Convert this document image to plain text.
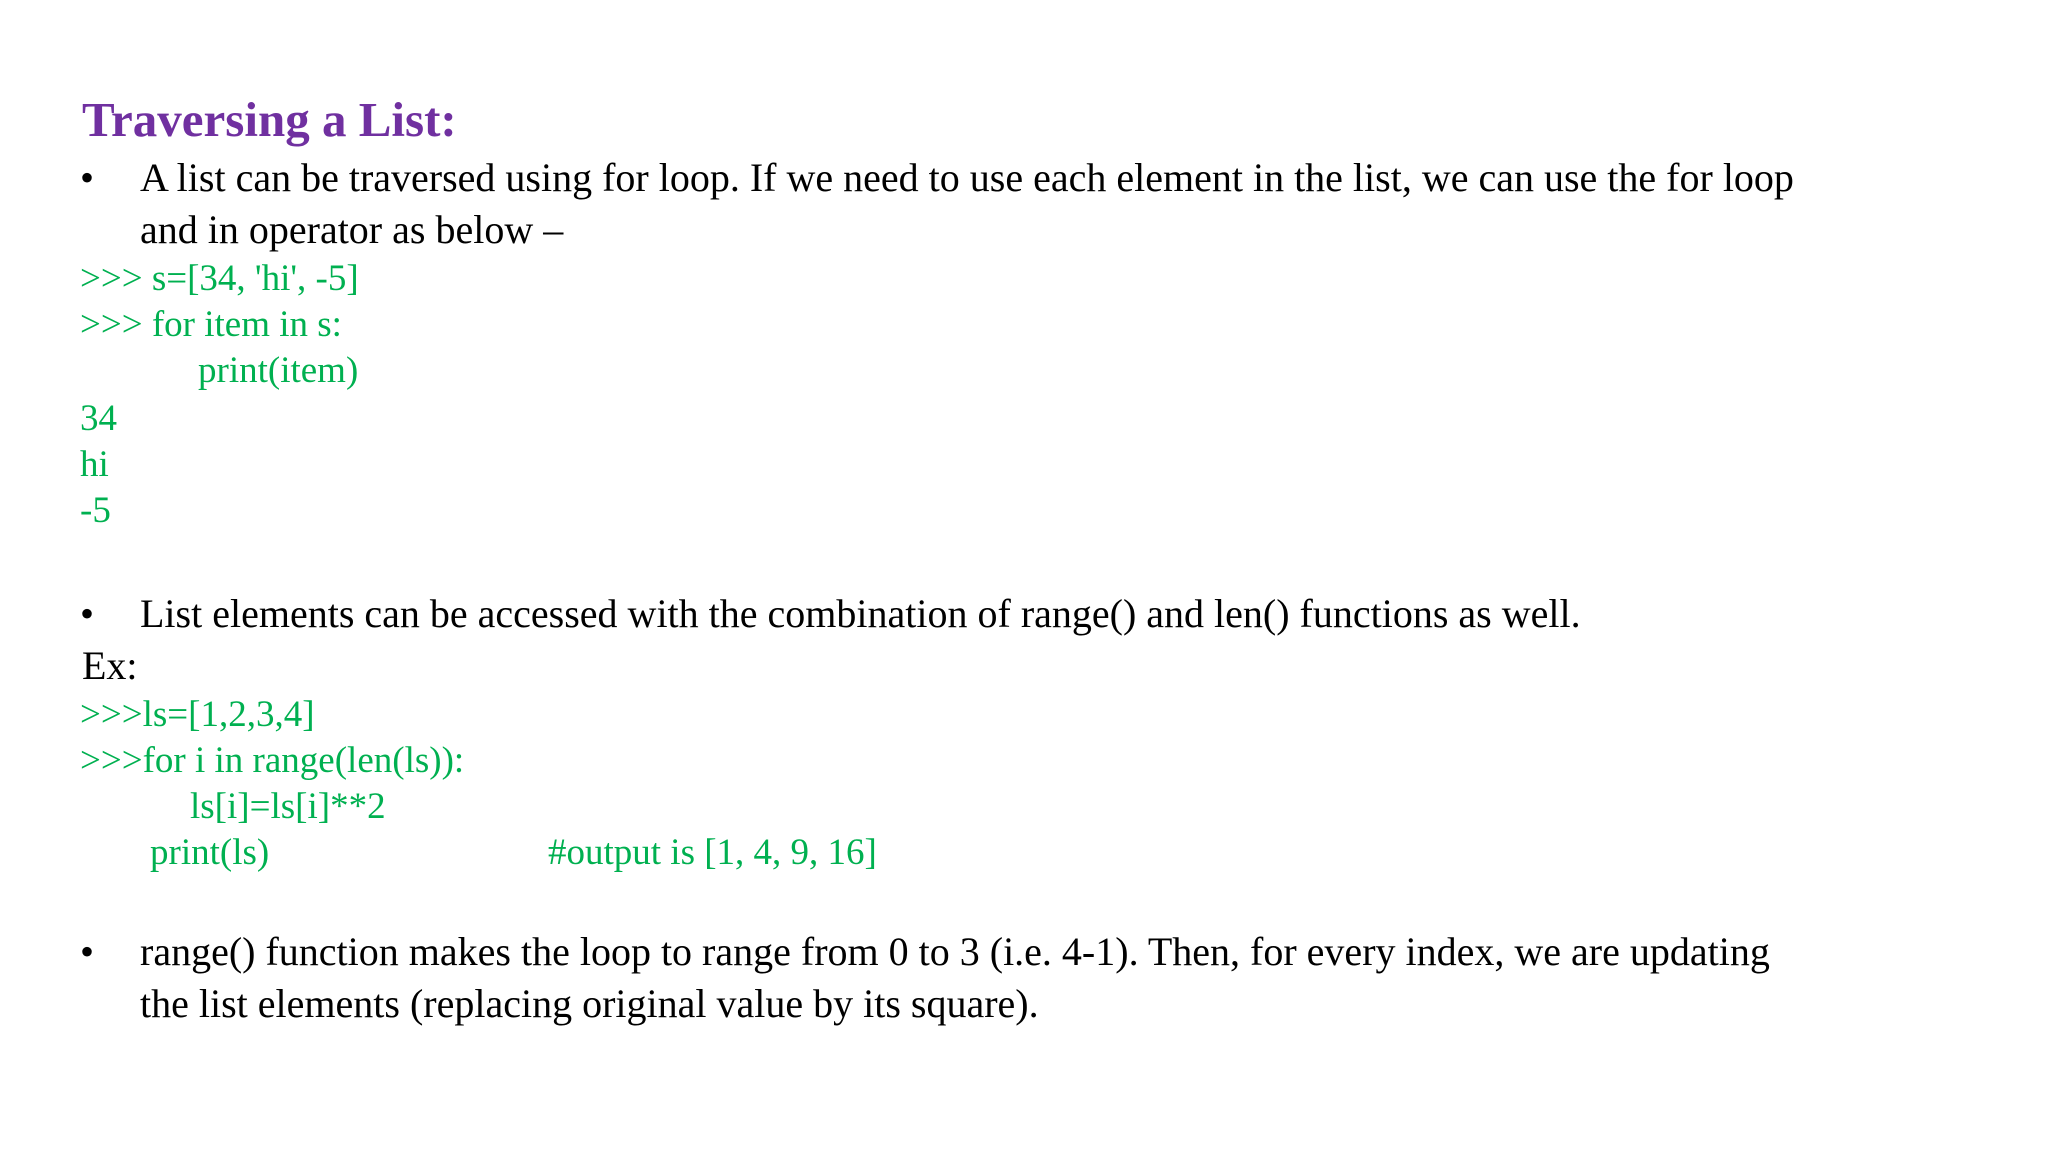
Traversing a List:
•	A list can be traversed using for loop. If we need to use each element in the list, we can use the for loop
and in operator as below –
>>> s=[34, 'hi', -5]
>>> for item in s:
print(item)
34
hi
-5
•	List elements can be accessed with the combination of range() and len() functions as well.
Ex:
>>>ls=[1,2,3,4]
>>>for i in range(len(ls)):
ls[i]=ls[i]**2
print(ls)	#output is [1, 4, 9, 16]
•	range() function makes the loop to range from 0 to 3 (i.e. 4-1). Then, for every index, we are updating
the list elements (replacing original value by its square).
